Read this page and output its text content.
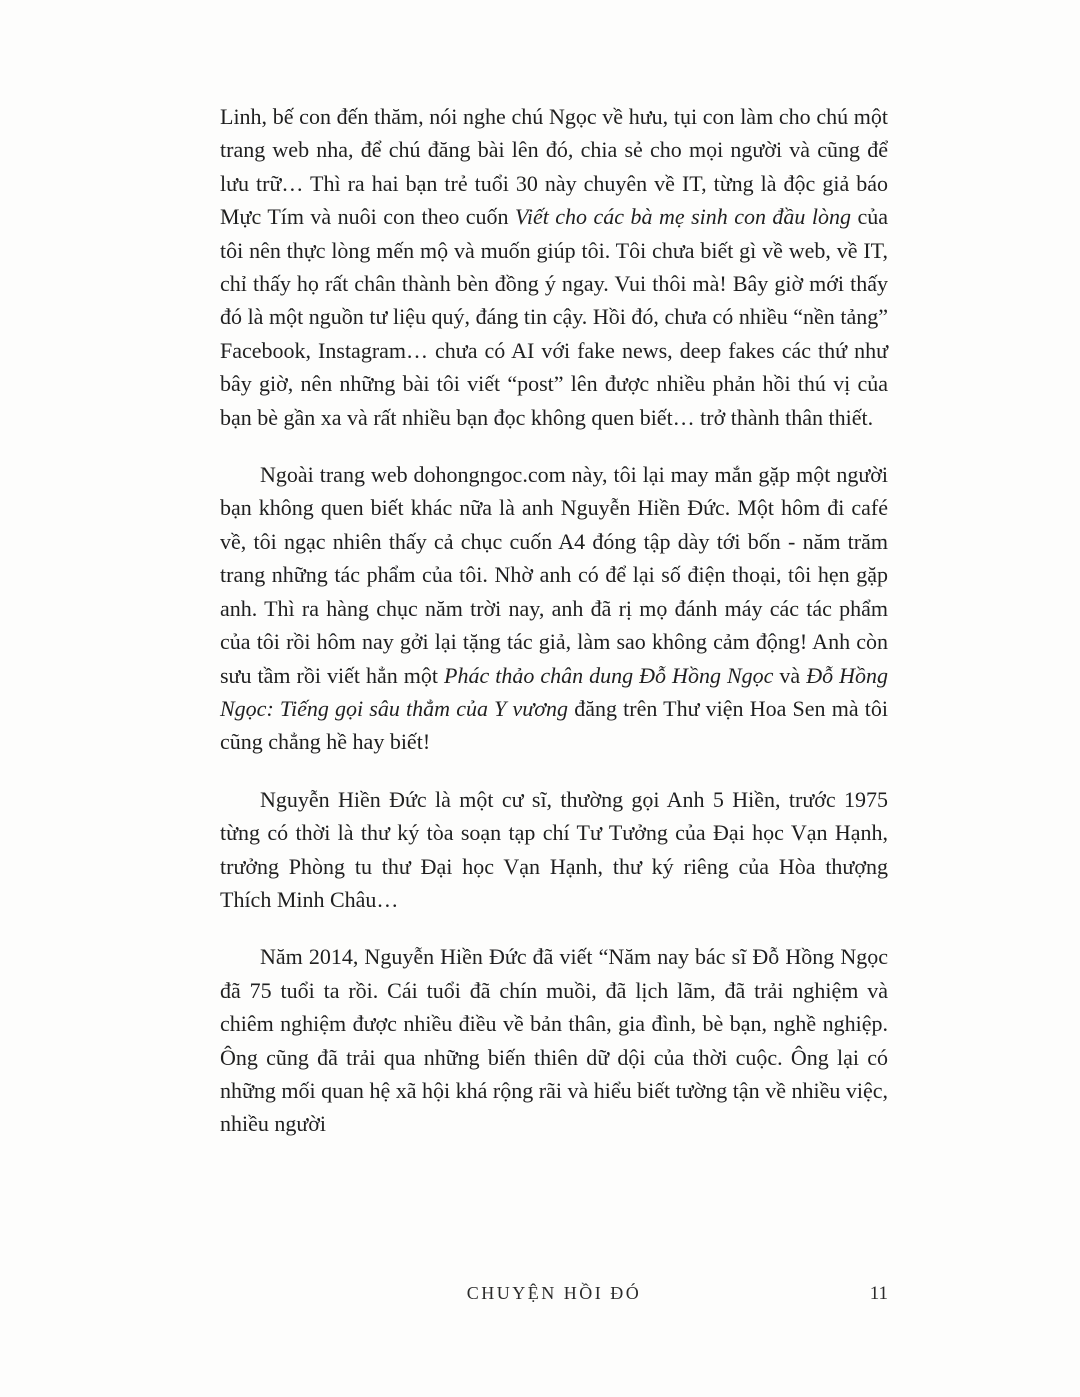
Linh, bế con đến thăm, nói nghe chú Ngọc về hưu, tụi con làm cho chú một trang web nha, để chú đăng bài lên đó, chia sẻ cho mọi người và cũng để lưu trữ… Thì ra hai bạn trẻ tuổi 30 này chuyên về IT, từng là độc giả báo Mực Tím và nuôi con theo cuốn Viết cho các bà mẹ sinh con đầu lòng của tôi nên thực lòng mến mộ và muốn giúp tôi. Tôi chưa biết gì về web, về IT, chỉ thấy họ rất chân thành bèn đồng ý ngay. Vui thôi mà! Bây giờ mới thấy đó là một nguồn tư liệu quý, đáng tin cậy. Hồi đó, chưa có nhiều “nền tảng” Facebook, Instagram… chưa có AI với fake news, deep fakes các thứ như bây giờ, nên những bài tôi viết “post” lên được nhiều phản hồi thú vị của bạn bè gần xa và rất nhiều bạn đọc không quen biết… trở thành thân thiết.

Ngoài trang web dohongngoc.com này, tôi lại may mắn gặp một người bạn không quen biết khác nữa là anh Nguyễn Hiền Đức. Một hôm đi café về, tôi ngạc nhiên thấy cả chục cuốn A4 đóng tập dày tới bốn - năm trăm trang những tác phẩm của tôi. Nhờ anh có để lại số điện thoại, tôi hẹn gặp anh. Thì ra hàng chục năm trời nay, anh đã rị mọ đánh máy các tác phẩm của tôi rồi hôm nay gởi lại tặng tác giả, làm sao không cảm động! Anh còn sưu tầm rồi viết hẳn một Phác thảo chân dung Đỗ Hồng Ngọc và Đỗ Hồng Ngọc: Tiếng gọi sâu thẳm của Y vương đăng trên Thư viện Hoa Sen mà tôi cũng chẳng hề hay biết!

Nguyễn Hiền Đức là một cư sĩ, thường gọi Anh 5 Hiền, trước 1975 từng có thời là thư ký tòa soạn tạp chí Tư Tưởng của Đại học Vạn Hạnh, trưởng Phòng tu thư Đại học Vạn Hạnh, thư ký riêng của Hòa thượng Thích Minh Châu…

Năm 2014, Nguyễn Hiền Đức đã viết “Năm nay bác sĩ Đỗ Hồng Ngọc đã 75 tuổi ta rồi. Cái tuổi đã chín muồi, đã lịch lãm, đã trải nghiệm và chiêm nghiệm được nhiều điều về bản thân, gia đình, bè bạn, nghề nghiệp. Ông cũng đã trải qua những biến thiên dữ dội của thời cuộc. Ông lại có những mối quan hệ xã hội khá rộng rãi và hiểu biết tường tận về nhiều việc, nhiều người

CHUYỆN HỒI ĐÓ	11
